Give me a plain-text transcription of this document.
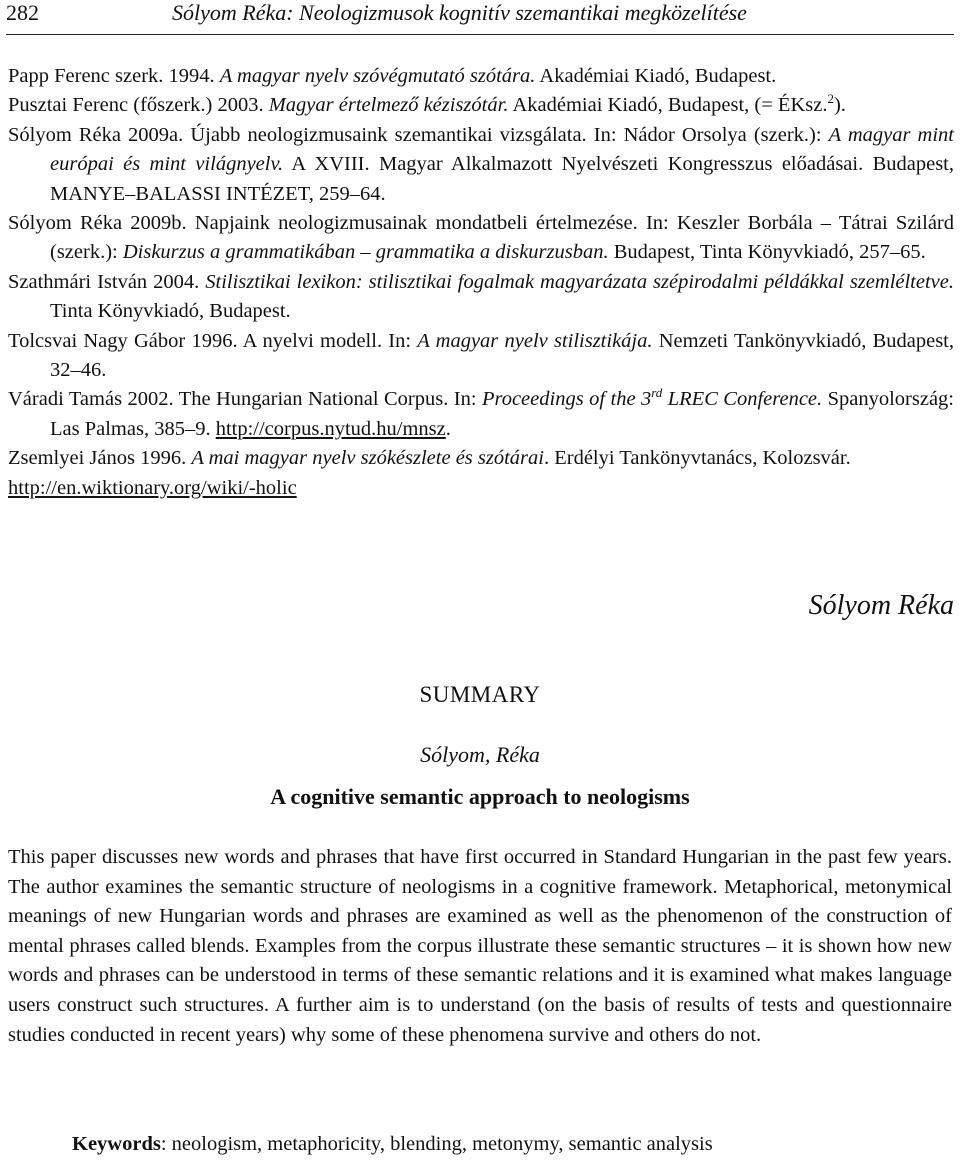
282	Sólyom Réka: Neologizmusok kognitív szemantikai megközelítése
Papp Ferenc szerk. 1994. A magyar nyelv szóvégmutató szótára. Akadémiai Kiadó, Budapest.
Pusztai Ferenc (főszerk.) 2003. Magyar értelmező kéziszótár. Akadémiai Kiadó, Budapest, (= ÉKsz.$^2$).
Sólyom Réka 2009a. Újabb neologizmusaink szemantikai vizsgálata. In: Nádor Orsolya (szerk.): A magyar mint európai és mint világnyelv. A XVIII. Magyar Alkalmazott Nyelvészeti Kongresszus előadásai. Budapest, MANYE–BALASSI INTÉZET, 259–64.
Sólyom Réka 2009b. Napjaink neologizmusainak mondatbeli értelmezése. In: Keszler Borbála – Tátrai Szilárd (szerk.): Diskurzus a grammatikában – grammatika a diskurzusban. Budapest, Tinta Könyvkiadó, 257–65.
Szathmári István 2004. Stilisztikai lexikon: stilisztikai fogalmak magyarázata szépirodalmi példákkal szemléltetve. Tinta Könyvkiadó, Budapest.
Tolcsvai Nagy Gábor 1996. A nyelvi modell. In: A magyar nyelv stilisztikája. Nemzeti Tankönyvkiadó, Budapest, 32–46.
Váradi Tamás 2002. The Hungarian National Corpus. In: Proceedings of the 3rd LREC Conference. Spanyolország: Las Palmas, 385–9. http://corpus.nytud.hu/mnsz.
Zsemlyei János 1996. A mai magyar nyelv szókészlete és szótárai. Erdélyi Tankönyvtanács, Kolozsvár.
http://en.wiktionary.org/wiki/-holic
Sólyom Réka
SUMMARY
Sólyom, Réka
A cognitive semantic approach to neologisms
This paper discusses new words and phrases that have first occurred in Standard Hungarian in the past few years. The author examines the semantic structure of neologisms in a cognitive framework. Metaphorical, metonymical meanings of new Hungarian words and phrases are examined as well as the phenomenon of the construction of mental phrases called blends. Examples from the corpus illustrate these semantic structures – it is shown how new words and phrases can be understood in terms of these semantic relations and it is examined what makes language users construct such structures. A further aim is to understand (on the basis of results of tests and questionnaire studies conducted in recent years) why some of these phenomena survive and others do not.
Keywords: neologism, metaphoricity, blending, metonymy, semantic analysis
